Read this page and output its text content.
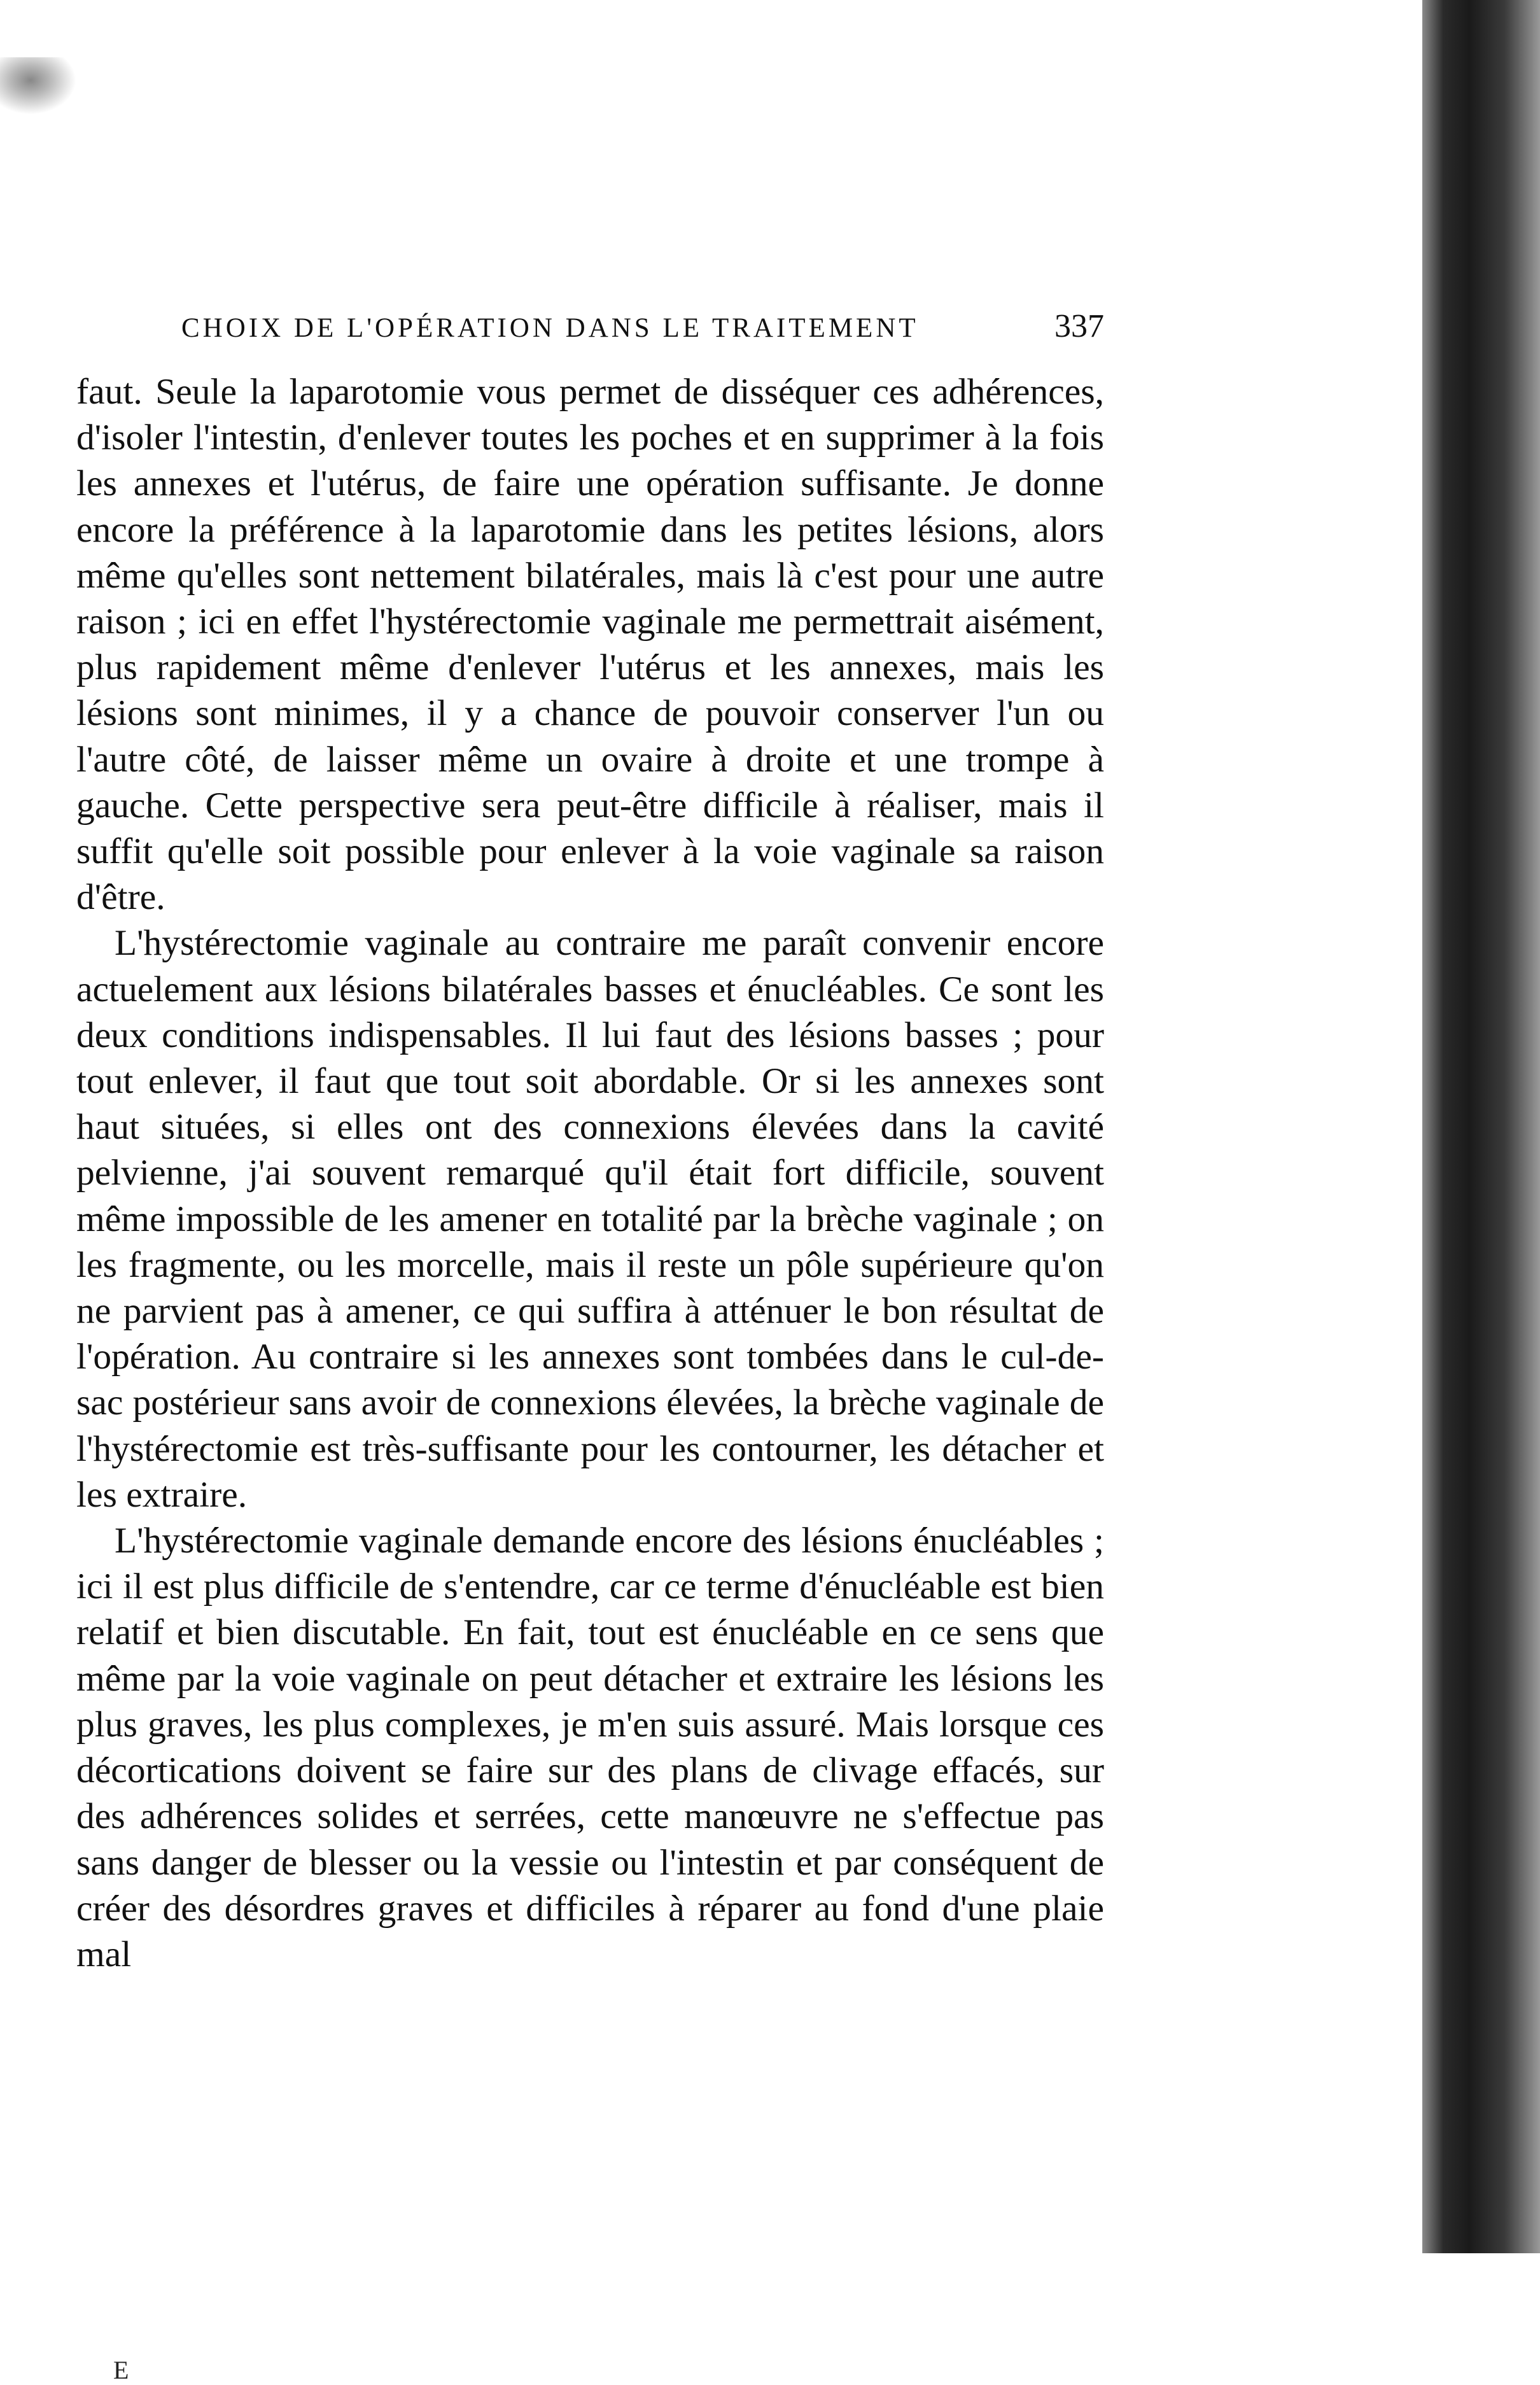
CHOIX DE L'OPÉRATION DANS LE TRAITEMENT	337

faut. Seule la laparotomie vous permet de disséquer ces adhérences, d'isoler l'intestin, d'enlever toutes les poches et en supprimer à la fois les annexes et l'utérus, de faire une opération suffisante. Je donne encore la préférence à la laparotomie dans les petites lésions, alors même qu'elles sont nettement bilatérales, mais là c'est pour une autre raison ; ici en effet l'hystérectomie vaginale me permettrait aisément, plus rapidement même d'enlever l'utérus et les annexes, mais les lésions sont minimes, il y a chance de pouvoir conserver l'un ou l'autre côté, de laisser même un ovaire à droite et une trompe à gauche. Cette perspective sera peut-être difficile à réaliser, mais il suffit qu'elle soit possible pour enlever à la voie vaginale sa raison d'être.

L'hystérectomie vaginale au contraire me paraît convenir encore actuelement aux lésions bilatérales basses et énucléables. Ce sont les deux conditions indispensables. Il lui faut des lésions basses ; pour tout enlever, il faut que tout soit abordable. Or si les annexes sont haut situées, si elles ont des connexions élevées dans la cavité pelvienne, j'ai souvent remarqué qu'il était fort difficile, souvent même impossible de les amener en totalité par la brèche vaginale ; on les fragmente, ou les morcelle, mais il reste un pôle supérieure qu'on ne parvient pas à amener, ce qui suffira à atténuer le bon résultat de l'opération. Au contraire si les annexes sont tombées dans le cul-de-sac postérieur sans avoir de connexions élevées, la brèche vaginale de l'hystérectomie est très-suffisante pour les contourner, les détacher et les extraire.

L'hystérectomie vaginale demande encore des lésions énucléables ; ici il est plus difficile de s'entendre, car ce terme d'énucléable est bien relatif et bien discutable. En fait, tout est énucléable en ce sens que même par la voie vaginale on peut détacher et extraire les lésions les plus graves, les plus complexes, je m'en suis assuré. Mais lorsque ces décortications doivent se faire sur des plans de clivage effacés, sur des adhérences solides et serrées, cette manœuvre ne s'effectue pas sans danger de blesser ou la vessie ou l'intestin et par conséquent de créer des désordres graves et difficiles à réparer au fond d'une plaie mal

E
